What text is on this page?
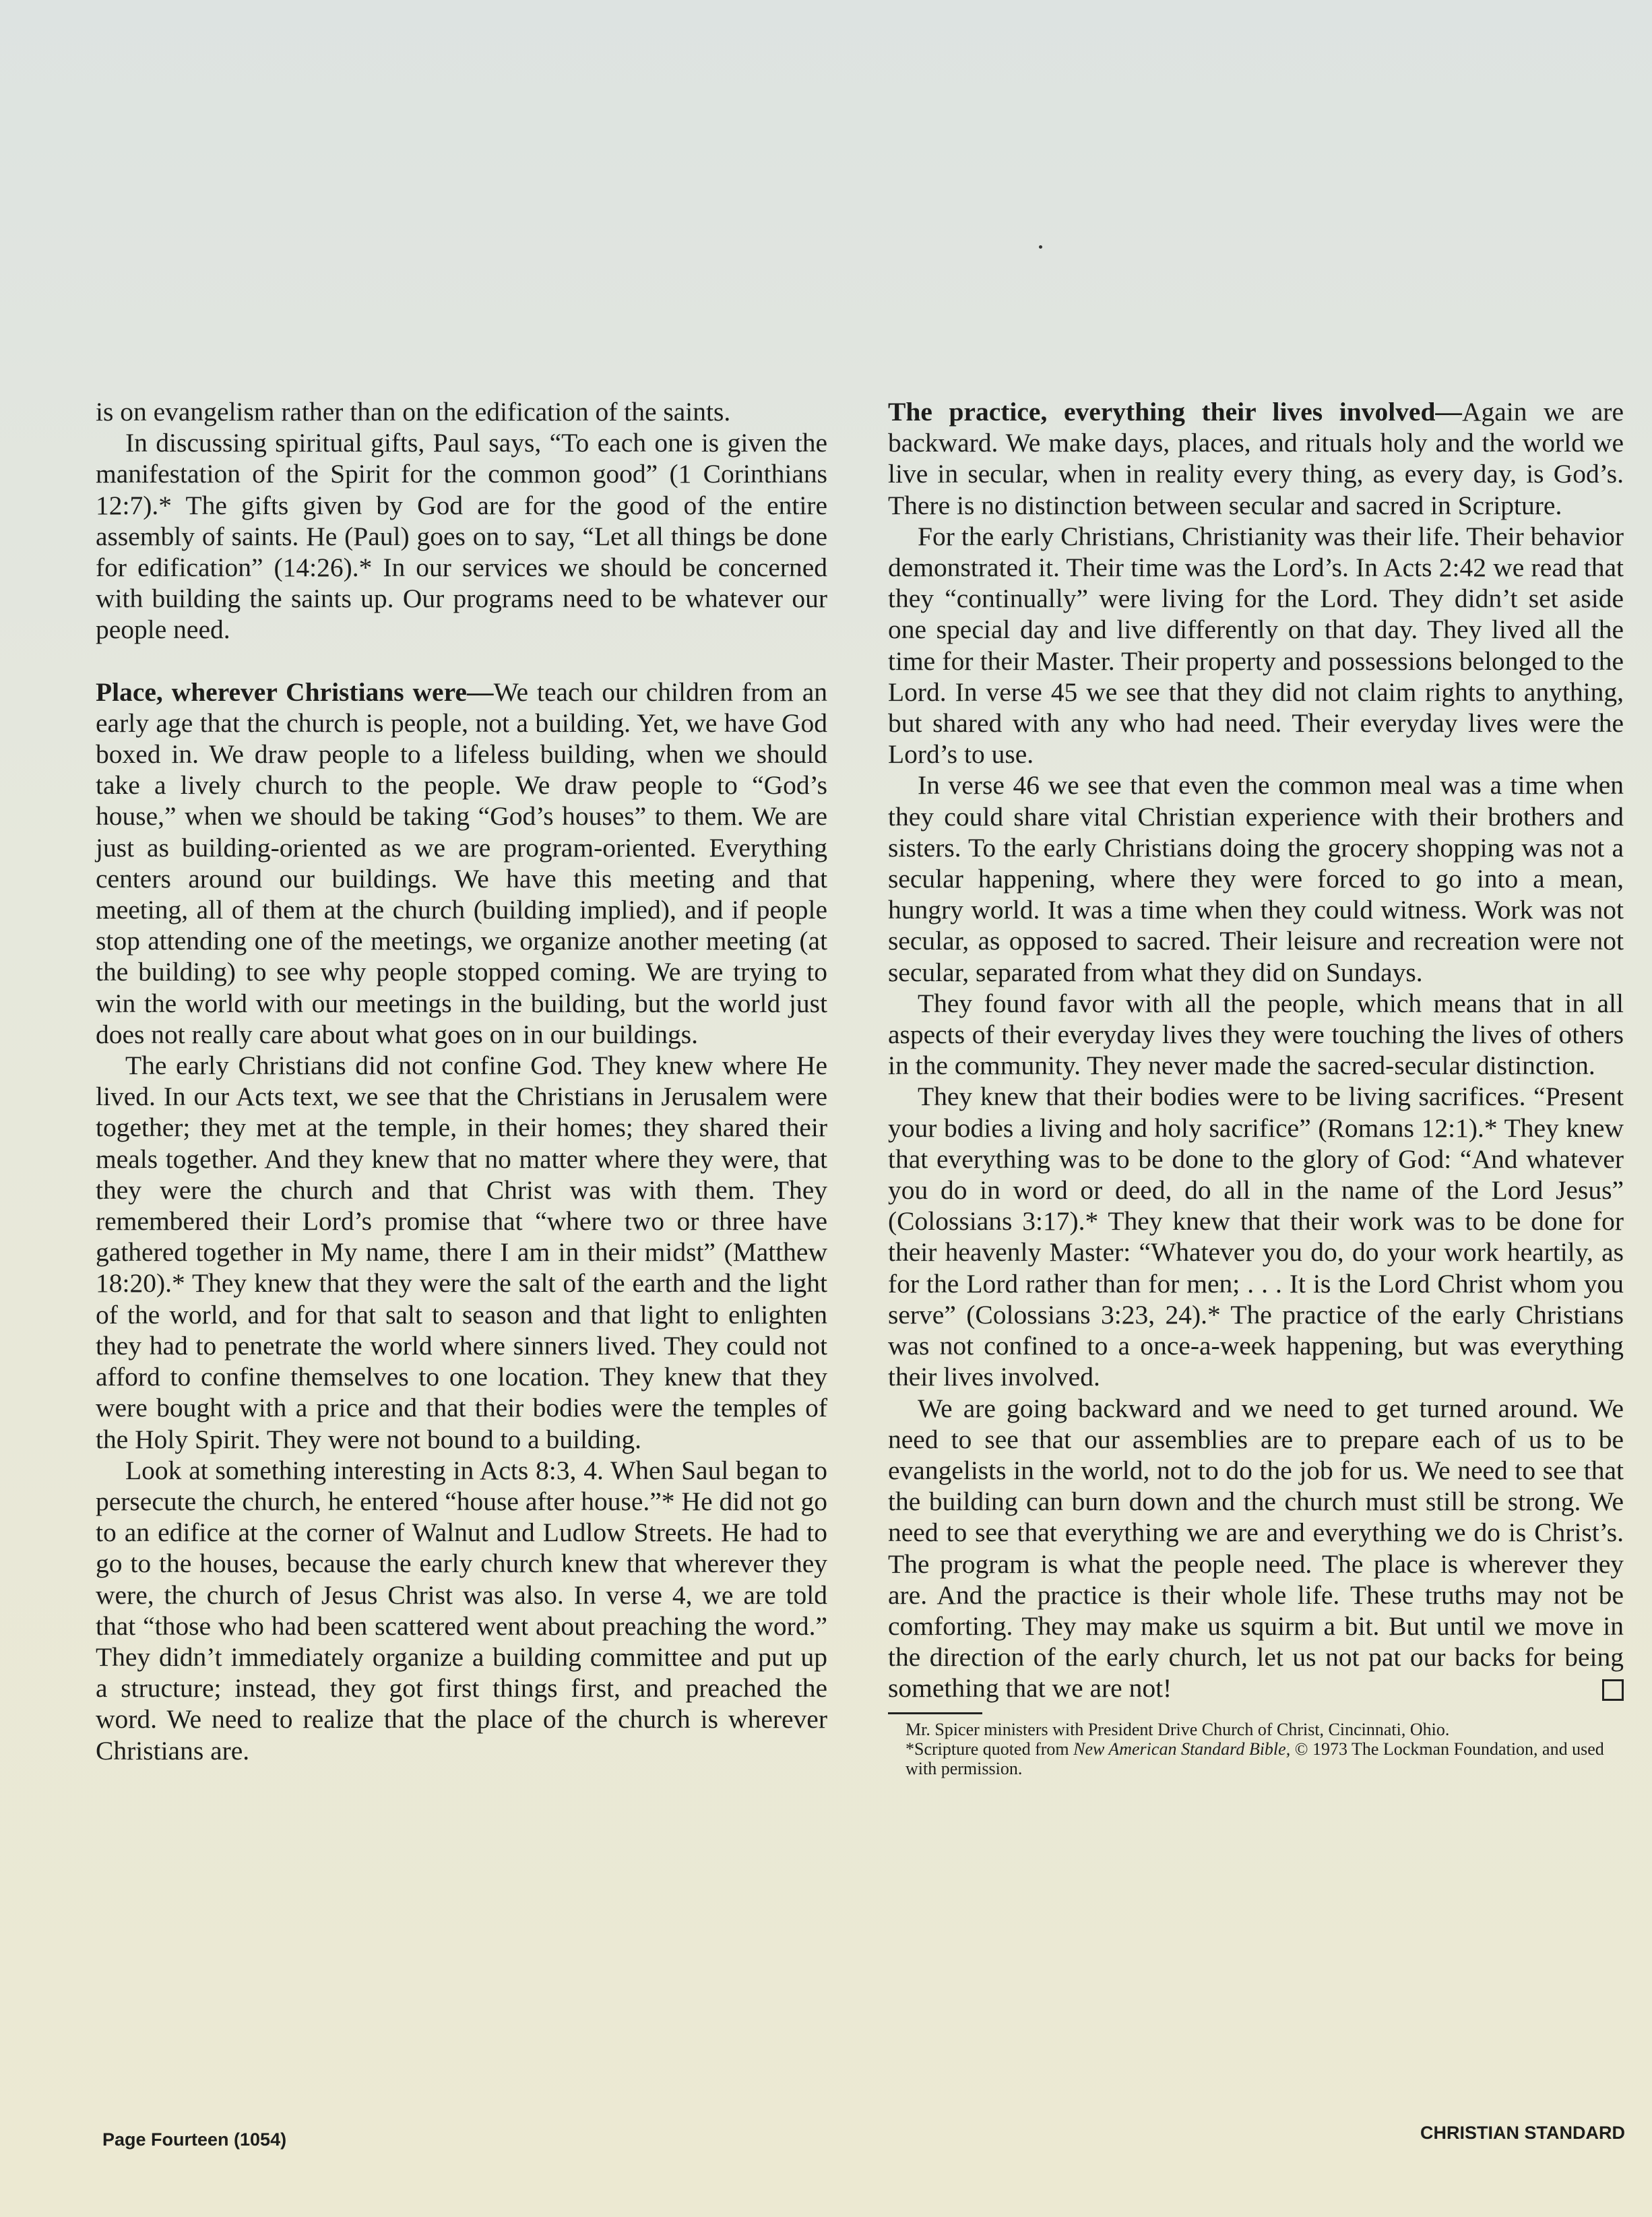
is on evangelism rather than on the edification of the saints.

In discussing spiritual gifts, Paul says, “To each one is given the manifestation of the Spirit for the common good” (1 Corinthians 12:7).* The gifts given by God are for the good of the entire assembly of saints. He (Paul) goes on to say, “Let all things be done for edification” (14:26).* In our services we should be concerned with building the saints up. Our programs need to be whatever our people need.

Place, wherever Christians were—We teach our children from an early age that the church is people, not a building. Yet, we have God boxed in. We draw people to a lifeless building, when we should take a lively church to the people. We draw people to “God’s house,” when we should be taking “God’s houses” to them. We are just as building-oriented as we are program-oriented. Everything centers around our buildings. We have this meeting and that meeting, all of them at the church (building implied), and if people stop attending one of the meetings, we organize another meeting (at the building) to see why people stopped coming. We are trying to win the world with our meetings in the building, but the world just does not really care about what goes on in our buildings.

The early Christians did not confine God. They knew where He lived. In our Acts text, we see that the Christians in Jerusalem were together; they met at the temple, in their homes; they shared their meals together. And they knew that no matter where they were, that they were the church and that Christ was with them. They remembered their Lord’s promise that “where two or three have gathered together in My name, there I am in their midst” (Matthew 18:20).* They knew that they were the salt of the earth and the light of the world, and for that salt to season and that light to enlighten they had to penetrate the world where sinners lived. They could not afford to confine themselves to one location. They knew that they were bought with a price and that their bodies were the temples of the Holy Spirit. They were not bound to a building.

Look at something interesting in Acts 8:3, 4. When Saul began to persecute the church, he entered “house after house.”* He did not go to an edifice at the corner of Walnut and Ludlow Streets. He had to go to the houses, because the early church knew that wherever they were, the church of Jesus Christ was also. In verse 4, we are told that “those who had been scattered went about preaching the word.” They didn’t immediately organize a building committee and put up a structure; instead, they got first things first, and preached the word. We need to realize that the place of the church is wherever Christians are.

The practice, everything their lives involved—Again we are backward. We make days, places, and rituals holy and the world we live in secular, when in reality every thing, as every day, is God’s. There is no distinction between secular and sacred in Scripture.

For the early Christians, Christianity was their life. Their behavior demonstrated it. Their time was the Lord’s. In Acts 2:42 we read that they “continually” were living for the Lord. They didn’t set aside one special day and live differently on that day. They lived all the time for their Master. Their property and possessions belonged to the Lord. In verse 45 we see that they did not claim rights to anything, but shared with any who had need. Their everyday lives were the Lord’s to use.

In verse 46 we see that even the common meal was a time when they could share vital Christian experience with their brothers and sisters. To the early Christians doing the grocery shopping was not a secular happening, where they were forced to go into a mean, hungry world. It was a time when they could witness. Work was not secular, as opposed to sacred. Their leisure and recreation were not secular, separated from what they did on Sundays.

They found favor with all the people, which means that in all aspects of their everyday lives they were touching the lives of others in the community. They never made the sacred-secular distinction.

They knew that their bodies were to be living sacrifices. “Present your bodies a living and holy sacrifice” (Romans 12:1).* They knew that everything was to be done to the glory of God: “And whatever you do in word or deed, do all in the name of the Lord Jesus” (Colossians 3:17).* They knew that their work was to be done for their heavenly Master: “Whatever you do, do your work heartily, as for the Lord rather than for men; . . . It is the Lord Christ whom you serve” (Colossians 3:23, 24).* The practice of the early Christians was not confined to a once-a-week happening, but was everything their lives involved.

We are going backward and we need to get turned around. We need to see that our assemblies are to prepare each of us to be evangelists in the world, not to do the job for us. We need to see that the building can burn down and the church must still be strong. We need to see that everything we are and everything we do is Christ’s. The program is what the people need. The place is wherever they are. And the practice is their whole life. These truths may not be comforting. They may make us squirm a bit. But until we move in the direction of the early church, let us not pat our backs for being something that we are not!

Mr. Spicer ministers with President Drive Church of Christ, Cincinnati, Ohio.

*Scripture quoted from New American Standard Bible, © 1973 The Lockman Foundation, and used with permission.

Page Fourteen (1054)	CHRISTIAN STANDARD
